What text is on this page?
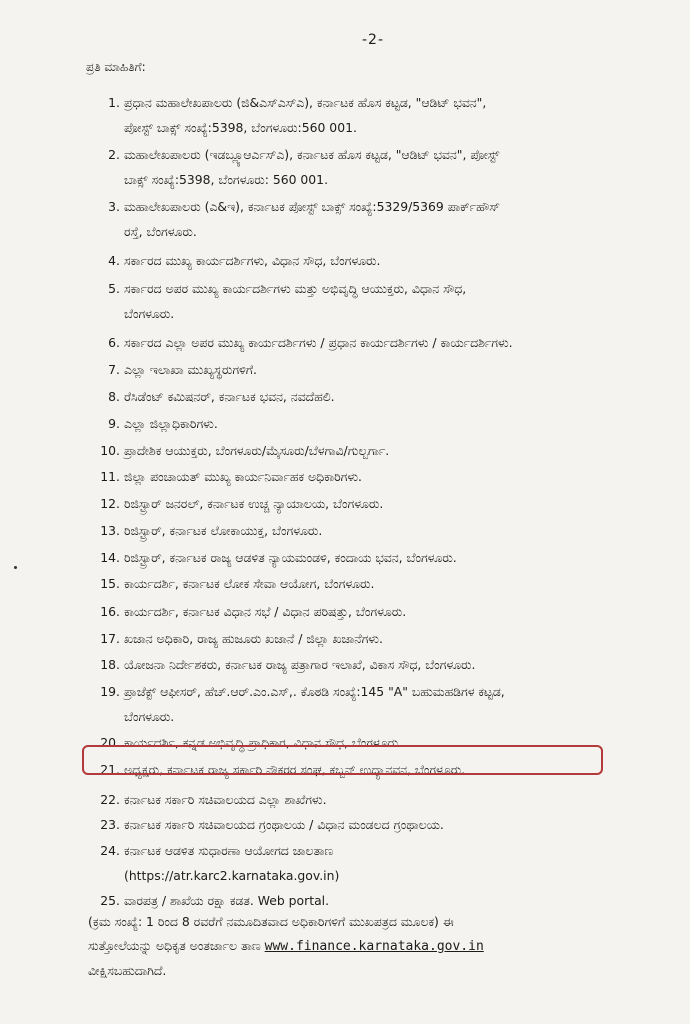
-2-
ಪ್ರತಿ ಮಾಹಿತಿಗೆ:
1. ಪ್ರಧಾನ ಮಹಾಲೇಖಪಾಲರು (ಜಿ&ಎಸ್ಎಸ್ಎ), ಕರ್ನಾಟಕ ಹೊಸ ಕಟ್ಟಡ, "ಆಡಿಟ್ ಭವನ",
ಪೋಸ್ಟ್ ಬಾಕ್ಸ್ ಸಂಖ್ಯೆ:5398, ಬೆಂಗಳೂರು:560 001.
2. ಮಹಾಲೇಖಪಾಲರು (ಇಡಬ್ಲ್ಯೂಆರ್ಎಸ್ಎ), ಕರ್ನಾಟಕ ಹೊಸ ಕಟ್ಟಡ, "ಆಡಿಟ್ ಭವನ", ಪೋಸ್ಟ್
ಬಾಕ್ಸ್ ಸಂಖ್ಯೆ:5398, ಬೆಂಗಳೂರು: 560 001.
3. ಮಹಾಲೇಖಪಾಲರು (ಎ&ಇ), ಕರ್ನಾಟಕ ಪೋಸ್ಟ್ ಬಾಕ್ಸ್ ಸಂಖ್ಯೆ:5329/5369 ಪಾರ್ಕ್‌ಹೌಸ್
ರಸ್ತೆ, ಬೆಂಗಳೂರು.
4. ಸರ್ಕಾರದ ಮುಖ್ಯ ಕಾರ್ಯದರ್ಶಿಗಳು, ವಿಧಾನ ಸೌಧ, ಬೆಂಗಳೂರು.
5. ಸರ್ಕಾರದ ಅಪರ ಮುಖ್ಯ ಕಾರ್ಯದರ್ಶಿಗಳು ಮತ್ತು ಅಭಿವೃದ್ಧಿ ಆಯುಕ್ತರು, ವಿಧಾನ ಸೌಧ,
ಬೆಂಗಳೂರು.
6. ಸರ್ಕಾರದ ಎಲ್ಲಾ ಅಪರ ಮುಖ್ಯ ಕಾರ್ಯದರ್ಶಿಗಳು / ಪ್ರಧಾನ ಕಾರ್ಯದರ್ಶಿಗಳು / ಕಾರ್ಯದರ್ಶಿಗಳು.
7. ಎಲ್ಲಾ ಇಲಾಖಾ ಮುಖ್ಯಸ್ಥರುಗಳಿಗೆ.
8. ರೆಸಿಡೆಂಟ್ ಕಮಿಷನರ್, ಕರ್ನಾಟಕ ಭವನ, ನವದೆಹಲಿ.
9. ಎಲ್ಲಾ ಜಿಲ್ಲಾಧಿಕಾರಿಗಳು.
10. ಪ್ರಾದೇಶಿಕ ಆಯುಕ್ತರು, ಬೆಂಗಳೂರು/ಮೈಸೂರು/ಬೆಳಗಾವಿ/ಗುಲ್ಬರ್ಗಾ.
11. ಜಿಲ್ಲಾ ಪಂಚಾಯತ್ ಮುಖ್ಯ ಕಾರ್ಯನಿರ್ವಾಹಕ ಅಧಿಕಾರಿಗಳು.
12. ರಿಜಿಸ್ಟ್ರಾರ್ ಜನರಲ್, ಕರ್ನಾಟಕ ಉಚ್ಚ ನ್ಯಾಯಾಲಯ, ಬೆಂಗಳೂರು.
13. ರಿಜಿಸ್ಟ್ರಾರ್, ಕರ್ನಾಟಕ ಲೋಕಾಯುಕ್ತ, ಬೆಂಗಳೂರು.
14. ರಿಜಿಸ್ಟ್ರಾರ್, ಕರ್ನಾಟಕ ರಾಜ್ಯ ಆಡಳಿತ ನ್ಯಾಯಮಂಡಳಿ, ಕಂದಾಯ ಭವನ, ಬೆಂಗಳೂರು.
15. ಕಾರ್ಯದರ್ಶಿ, ಕರ್ನಾಟಕ ಲೋಕ ಸೇವಾ ಆಯೋಗ, ಬೆಂಗಳೂರು.
16. ಕಾರ್ಯದರ್ಶಿ, ಕರ್ನಾಟಕ ವಿಧಾನ ಸಭೆ / ವಿಧಾನ ಪರಿಷತ್ತು, ಬೆಂಗಳೂರು.
17. ಖಜಾನ ಅಧಿಕಾರಿ, ರಾಜ್ಯ ಹುಜೂರು ಖಜಾನೆ / ಜಿಲ್ಲಾ ಖಜಾನೆಗಳು.
18. ಯೋಜನಾ ನಿರ್ದೇಶಕರು, ಕರ್ನಾಟಕ ರಾಜ್ಯ ಪತ್ರಾಗಾರ ಇಲಾಖೆ, ವಿಕಾಸ ಸೌಧ, ಬೆಂಗಳೂರು.
19. ಪ್ರಾಜೆಕ್ಟ್ ಆಫೀಸರ್, ಹೆಚ್.ಆರ್.ಎಂ.ಎಸ್,. ಕೊಠಡಿ ಸಂಖ್ಯೆ:145 "A" ಬಹುಮಹಡಿಗಳ ಕಟ್ಟಡ,
ಬೆಂಗಳೂರು.
20. ಕಾರ್ಯದರ್ಶಿ, ಕನ್ನಡ ಅಭಿವೃದ್ಧಿ ಪ್ರಾಧಿಕಾರ, ವಿಧಾನ ಸೌಧ, ಬೆಂಗಳೂರು.
21. ಅಧ್ಯಕ್ಷರು, ಕರ್ನಾಟಕ ರಾಜ್ಯ ಸರ್ಕಾರಿ ನೌಕರರ ಸಂಘ, ಕಬ್ಬನ್ ಉದ್ಯಾನವನ, ಬೆಂಗಳೂರು.
22. ಕರ್ನಾಟಕ ಸರ್ಕಾರಿ ಸಚಿವಾಲಯದ ಎಲ್ಲಾ ಶಾಖೆಗಳು.
23. ಕರ್ನಾಟಕ ಸರ್ಕಾರಿ ಸಚಿವಾಲಯದ ಗ್ರಂಥಾಲಯ / ವಿಧಾನ ಮಂಡಲದ ಗ್ರಂಥಾಲಯ.
24. ಕರ್ನಾಟಕ ಆಡಳಿತ ಸುಧಾರಣಾ ಆಯೋಗದ ಜಾಲತಾಣ
(https://atr.karc2.karnataka.gov.in)
25. ವಾರಪತ್ರ / ಶಾಖೆಯ ರಕ್ಷಾ ಕಡತ. Web portal.
(ಕ್ರಮ ಸಂಖ್ಯೆ: 1 ರಿಂದ 8 ರವರೆಗೆ ನಮೂದಿತವಾದ ಅಧಿಕಾರಿಗಳಿಗೆ ಮುಖಪತ್ರದ ಮೂಲಕ) ಈ
ಸುತ್ತೋಲೆಯನ್ನು ಅಧಿಕೃತ ಅಂತರ್ಜಾಲ ತಾಣ www.finance.karnataka.gov.in
ವೀಕ್ಷಿಸಬಹುದಾಗಿದೆ.
